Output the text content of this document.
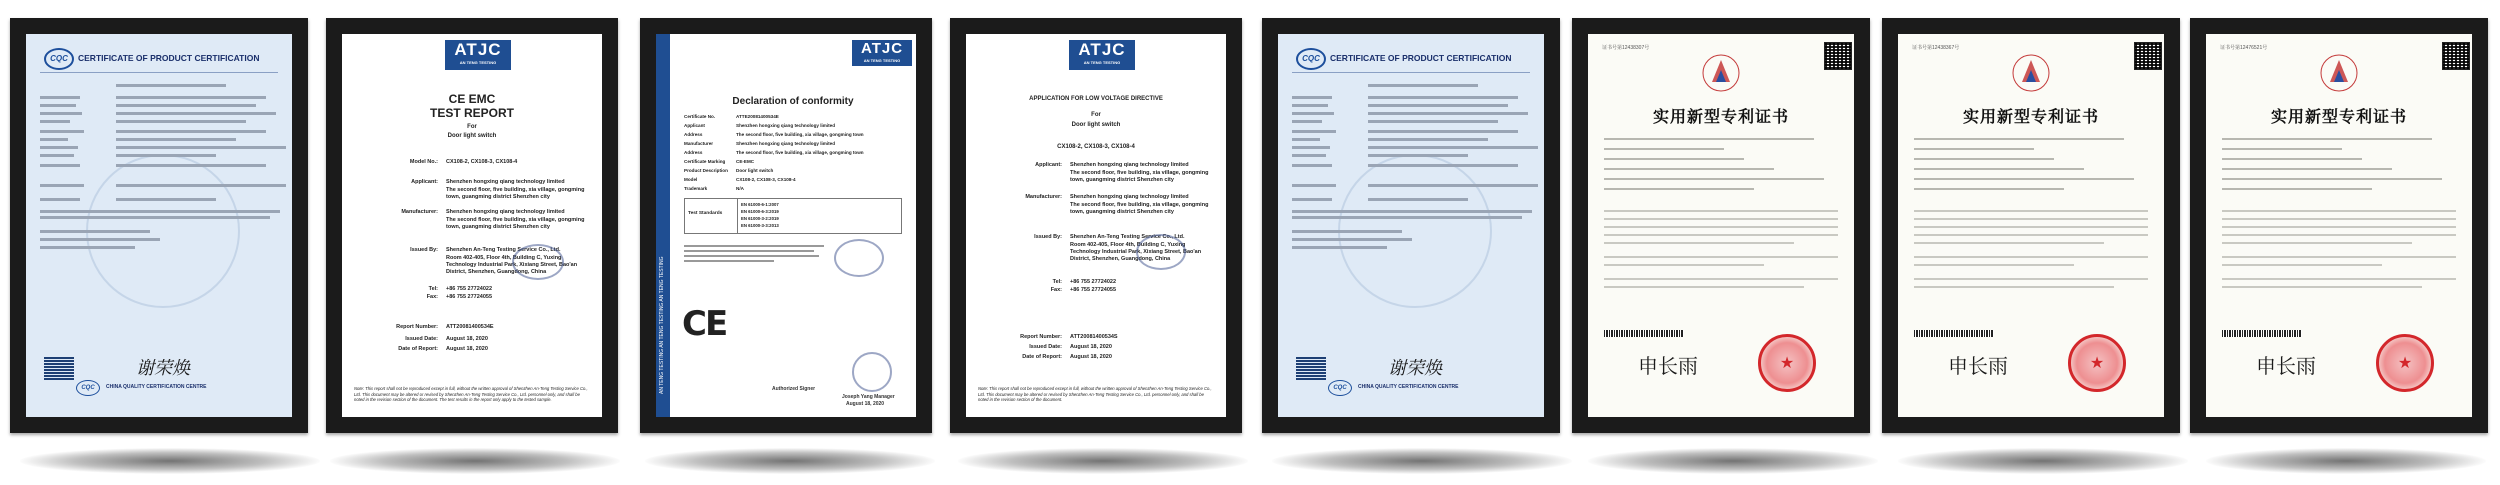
CQC	CERTIFICATE OF PRODUCT CERTIFICATION
谢荣焕
CQC	CHINA QUALITY CERTIFICATION CENTRE
ATJC
AN TENG TESTING
CE EMC
TEST REPORT
For
Door light switch
Model No.: CX108-2, CX108-3, CX108-4
Applicant: Shenzhen hongxing qiang technology limited
The second floor, five building, xia village, gongming town, guangming district Shenzhen city
Manufacturer: Shenzhen hongxing qiang technology limited
The second floor, five building, xia village, gongming town, guangming district Shenzhen city
Issued By: Shenzhen An-Teng Testing Service Co., Ltd.
Room 402-405, Floor 4th, Building C, Yuxing Technology Industrial Park, Xixiang Street, Bao'an District, Shenzhen, Guangdong, China
Tel: +86 755 27724022
Fax: +86 755 27724055
Report Number: ATT20081400534E
Issued Date: August 18, 2020
Date of Report: August 18, 2020
Note: This report shall not be reproduced except in full, without the written approval of Shenzhen An-Teng Testing Service Co., Ltd. This document may be altered or revised by Shenzhen An-Teng Testing Service Co., Ltd. personnel only, and shall be noted in the revision section of the document. The test results in the report only apply to the tested sample.
AN TENG TESTING AN TENG TESTING AN TENG TESTING
ATJC
AN TENG TESTING
Declaration of conformity
Certificate No.	ATTE20081400534E
Applicant	Shenzhen hongxing qiang technology limited
Address	The second floor, five building, xia village, gongming town
Manufacturer	Shenzhen hongxing qiang technology limited
Address	The second floor, five building, xia village, gongming town
Certificate Marking CE-EMC
Product Description Door light switch
Model	CX108-2, CX108-3, CX108-4
Trademark	N/A
Test Standards
EN 61000-6-1:2007
EN 61000-6-3:2019
EN 61000-3-2:2019
EN 61000-3-3:2013
CE
Authorized Signer
Joseph Yang Manager
August 18, 2020
ATJC
AN TENG TESTING
APPLICATION FOR LOW VOLTAGE DIRECTIVE
For
Door light switch
CX108-2, CX108-3, CX108-4
Applicant: Shenzhen hongxing qiang technology limited
The second floor, five building, xia village, gongming town, guangming district Shenzhen city
Manufacturer: Shenzhen hongxing qiang technology limited
The second floor, five building, xia village, gongming town, guangming district Shenzhen city
Issued By: Shenzhen An-Teng Testing Service Co., Ltd.
Room 402-405, Floor 4th, Building C, Yuxing Technology Industrial Park, Xixiang Street, Bao'an District, Shenzhen, Guangdong, China
Tel: +86 755 27724022
Fax: +86 755 27724055
Report Number: ATT20081400534S
Issued Date: August 18, 2020
Date of Report: August 18, 2020
Note: This report shall not be reproduced except in full, without the written approval of Shenzhen An-Teng Testing Service Co., Ltd. This document may be altered or revised by Shenzhen An-Teng Testing Service Co., Ltd. personnel only, and shall be noted in the revision section of the document.
CQC	CERTIFICATE OF PRODUCT CERTIFICATION
谢荣焕
CQC	CHINA QUALITY CERTIFICATION CENTRE
证书号第12438307号
实用新型专利证书
申长雨	★
证书号第12438367号
实用新型专利证书
申长雨	★
证书号第12476521号
实用新型专利证书
申长雨	★
